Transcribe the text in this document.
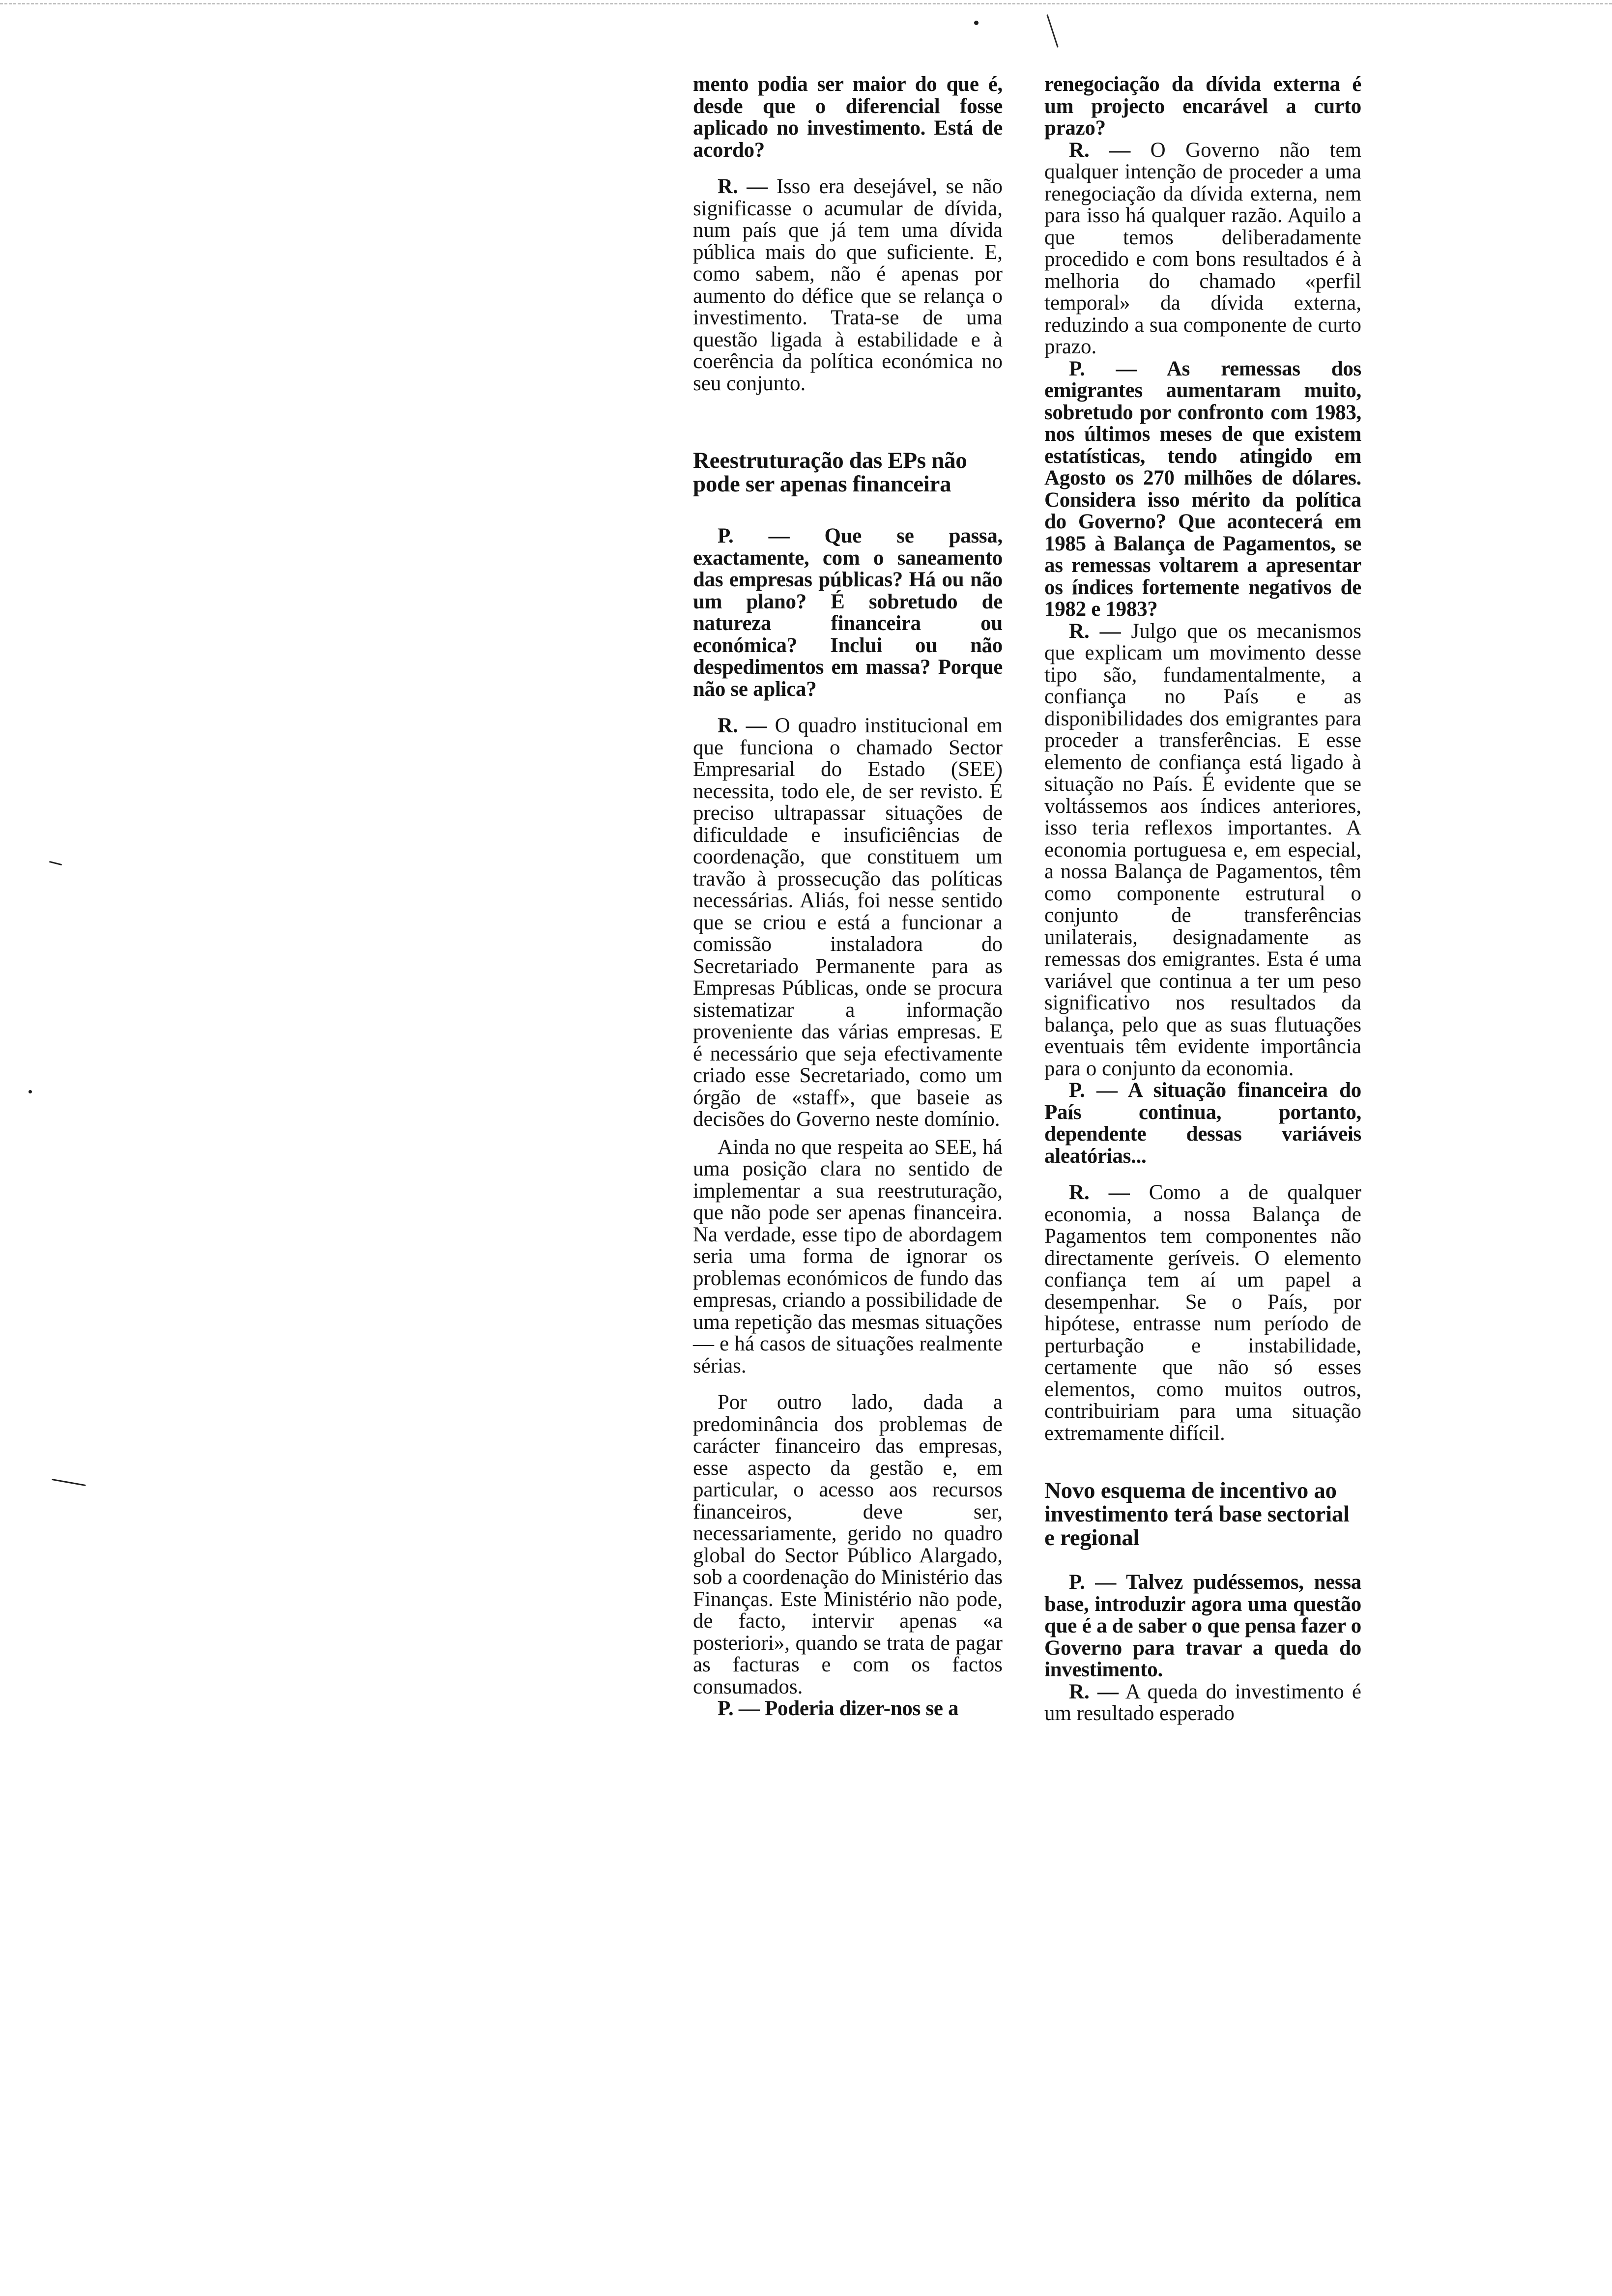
mento podia ser maior do que é, desde que o diferencial fosse aplicado no investimento. Está de acordo?

R. — Isso era desejável, se não significasse o acumular de dívida, num país que já tem uma dívida pública mais do que suficiente. E, como sabem, não é apenas por aumento do défice que se relança o investimento. Trata-se de uma questão ligada à estabilidade e à coerência da política económica no seu conjunto.

Reestruturação das EPs não pode ser apenas financeira

P. — Que se passa, exactamente, com o saneamento das empresas públicas? Há ou não um plano? É sobretudo de natureza financeira ou económica? Inclui ou não despedimentos em massa? Porque não se aplica?

R. — O quadro institucional em que funciona o chamado Sector Empresarial do Estado (SEE) necessita, todo ele, de ser revisto. É preciso ultrapassar situações de dificuldade e insuficiências de coordenação, que constituem um travão à prossecução das políticas necessárias. Aliás, foi nesse sentido que se criou e está a funcionar a comissão instaladora do Secretariado Permanente para as Empresas Públicas, onde se procura sistematizar a informação proveniente das várias empresas. E é necessário que seja efectivamente criado esse Secretariado, como um órgão de «staff», que baseie as decisões do Governo neste domínio.

Ainda no que respeita ao SEE, há uma posição clara no sentido de implementar a sua reestruturação, que não pode ser apenas financeira. Na verdade, esse tipo de abordagem seria uma forma de ignorar os problemas económicos de fundo das empresas, criando a possibilidade de uma repetição das mesmas situações — e há casos de situações realmente sérias.

Por outro lado, dada a predominância dos problemas de carácter financeiro das empresas, esse aspecto da gestão e, em particular, o acesso aos recursos financeiros, deve ser, necessariamente, gerido no quadro global do Sector Público Alargado, sob a coordenação do Ministério das Finanças. Este Ministério não pode, de facto, intervir apenas «a posteriori», quando se trata de pagar as facturas e com os factos consumados.

P. — Poderia dizer-nos se a

renegociação da dívida externa é um projecto encarável a curto prazo?

R. — O Governo não tem qualquer intenção de proceder a uma renegociação da dívida externa, nem para isso há qualquer razão. Aquilo a que temos deliberadamente procedido e com bons resultados é à melhoria do chamado «perfil temporal» da dívida externa, reduzindo a sua componente de curto prazo.

P. — As remessas dos emigrantes aumentaram muito, sobretudo por confronto com 1983, nos últimos meses de que existem estatísticas, tendo atingido em Agosto os 270 milhões de dólares. Considera isso mérito da política do Governo? Que acontecerá em 1985 à Balança de Pagamentos, se as remessas voltarem a apresentar os índices fortemente negativos de 1982 e 1983?

R. — Julgo que os mecanismos que explicam um movimento desse tipo são, fundamentalmente, a confiança no País e as disponibilidades dos emigrantes para proceder a transferências. E esse elemento de confiança está ligado à situação no País. É evidente que se voltássemos aos índices anteriores, isso teria reflexos importantes. A economia portuguesa e, em especial, a nossa Balança de Pagamentos, têm como componente estrutural o conjunto de transferências unilaterais, designadamente as remessas dos emigrantes. Esta é uma variável que continua a ter um peso significativo nos resultados da balança, pelo que as suas flutuações eventuais têm evidente importância para o conjunto da economia.

P. — A situação financeira do País continua, portanto, dependente dessas variáveis aleatórias...

R. — Como a de qualquer economia, a nossa Balança de Pagamentos tem componentes não directamente geríveis. O elemento confiança tem aí um papel a desempenhar. Se o País, por hipótese, entrasse num período de perturbação e instabilidade, certamente que não só esses elementos, como muitos outros, contribuiriam para uma situação extremamente difícil.

Novo esquema de incentivo ao investimento terá base sectorial e regional

P. — Talvez pudéssemos, nessa base, introduzir agora uma questão que é a de saber o que pensa fazer o Governo para travar a queda do investimento.

R. — A queda do investimento é um resultado esperado
